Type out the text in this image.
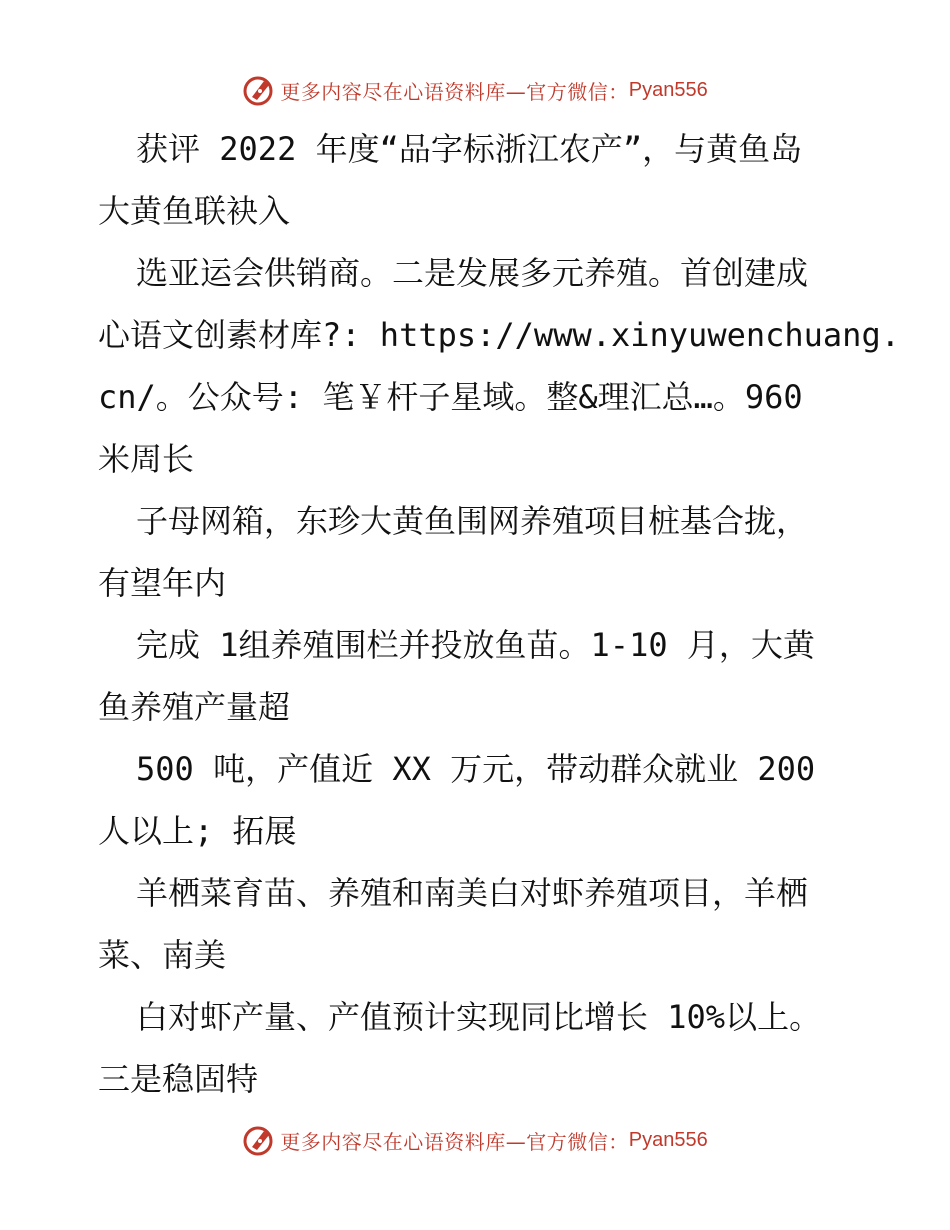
更多内容尽在心语资料库—官方微信： Pyan556
获评 2022 年度“品字标浙江农产”，与黄鱼岛
大黄鱼联袂入
选亚运会供销商。二是发展多元养殖。首创建成
心语文创素材库?: https://www.xinyuwenchuang.
cn/。公众号: 笔￥杆子星域。整&理汇总…。960
米周长
子母网箱，东珍大黄鱼围网养殖项目桩基合拢，
有望年内
完成 1组养殖围栏并投放鱼苗。1-10 月，大黄
鱼养殖产量超
500 吨，产值近 XX 万元，带动群众就业 200
人以上; 拓展
羊栖菜育苗、养殖和南美白对虾养殖项目，羊栖
菜、南美
白对虾产量、产值预计实现同比增长 10%以上。
三是稳固特
更多内容尽在心语资料库—官方微信： Pyan556
